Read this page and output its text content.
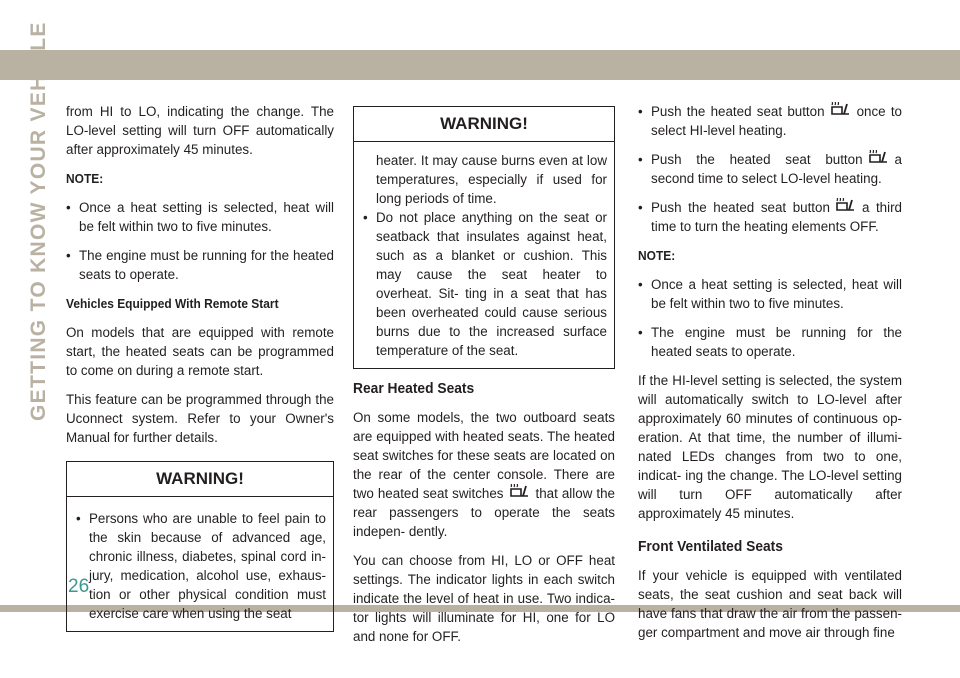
GETTING TO KNOW YOUR VEHICLE
26

from HI to LO, indicating the change. The LO-level setting will turn OFF automatically after approximately 45 minutes.

NOTE:

• Once a heat setting is selected, heat will be felt within two to five minutes.
• The engine must be running for the heated seats to operate.

Vehicles Equipped With Remote Start

On models that are equipped with remote start, the heated seats can be programmed to come on during a remote start.

This feature can be programmed through the Uconnect system. Refer to your Owner's Manual for further details.

WARNING!
• Persons who are unable to feel pain to the skin because of advanced age, chronic illness, diabetes, spinal cord in- jury, medication, alcohol use, exhaus- tion or other physical condition must exercise care when using the seat
WARNING!

heater. It may cause burns even at low temperatures, especially if used for long periods of time.

• Do not place anything on the seat or seatback that insulates against heat, such as a blanket or cushion. This may cause the seat heater to overheat. Sit- ting in a seat that has been overheated could cause serious burns due to the increased surface temperature of the seat.

Rear Heated Seats

On some models, the two outboard seats are equipped with heated seats. The heated seat switches for these seats are located on the rear of the center console. There are two heated seat switches that allow the rear passengers to operate the seats indepen- dently.

You can choose from HI, LO or OFF heat settings. The indicator lights in each switch indicate the level of heat in use. Two indica- tor lights will illuminate for HI, one for LO and none for OFF.

• Push the heated seat button once to select HI-level heating.
• Push the heated seat button a second time to select LO-level heating.
• Push the heated seat button a third time to turn the heating elements OFF.

NOTE:

• Once a heat setting is selected, heat will be felt within two to five minutes.
• The engine must be running for the heated seats to operate.

If the HI-level setting is selected, the system will automatically switch to LO-level after approximately 60 minutes of continuous op- eration. At that time, the number of illumi- nated LEDs changes from two to one, indicat- ing the change. The LO-level setting will turn OFF automatically after approximately 45 minutes.

Front Ventilated Seats

If your vehicle is equipped with ventilated seats, the seat cushion and seat back will have fans that draw the air from the passen- ger compartment and move air through fine
